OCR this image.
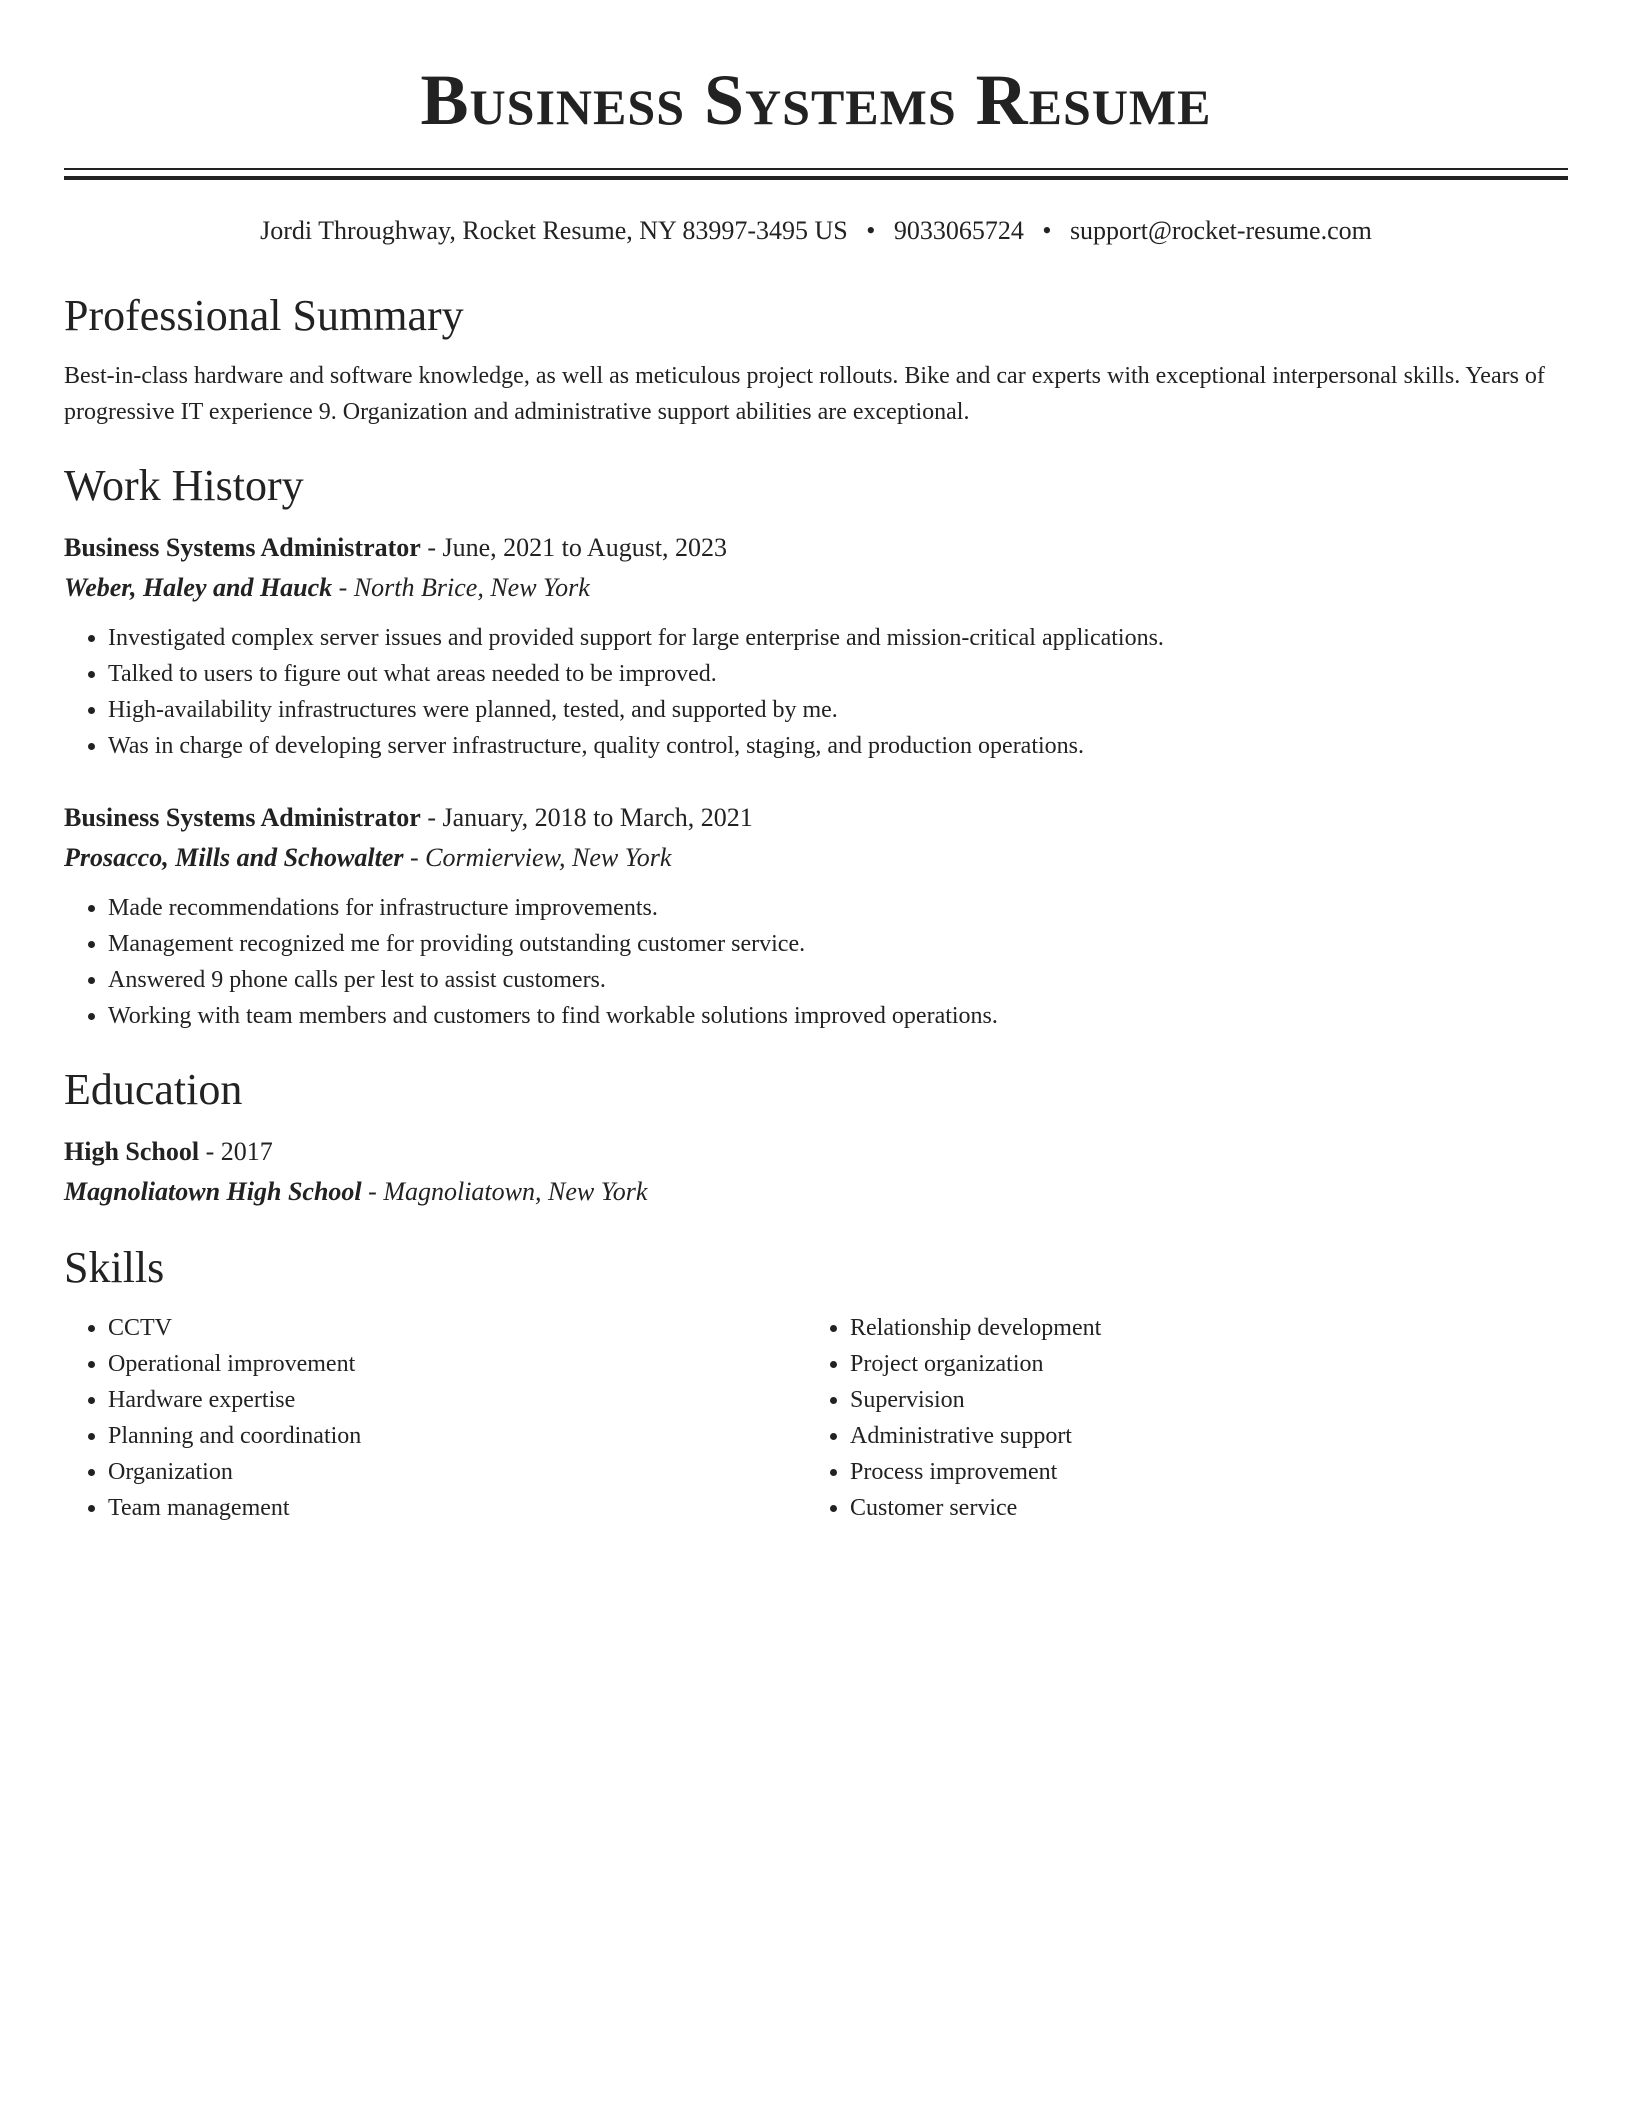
Business Systems Resume
Jordi Throughway, Rocket Resume, NY 83997-3495 US • 9033065724 • support@rocket-resume.com
Professional Summary
Best-in-class hardware and software knowledge, as well as meticulous project rollouts. Bike and car experts with exceptional interpersonal skills. Years of progressive IT experience 9. Organization and administrative support abilities are exceptional.
Work History
Business Systems Administrator - June, 2021 to August, 2023
Weber, Haley and Hauck - North Brice, New York
• Investigated complex server issues and provided support for large enterprise and mission-critical applications.
• Talked to users to figure out what areas needed to be improved.
• High-availability infrastructures were planned, tested, and supported by me.
• Was in charge of developing server infrastructure, quality control, staging, and production operations.
Business Systems Administrator - January, 2018 to March, 2021
Prosacco, Mills and Schowalter - Cormierview, New York
• Made recommendations for infrastructure improvements.
• Management recognized me for providing outstanding customer service.
• Answered 9 phone calls per lest to assist customers.
• Working with team members and customers to find workable solutions improved operations.
Education
High School - 2017
Magnoliatown High School - Magnoliatown, New York
Skills
• CCTV
• Operational improvement
• Hardware expertise
• Planning and coordination
• Organization
• Team management
• Relationship development
• Project organization
• Supervision
• Administrative support
• Process improvement
• Customer service
